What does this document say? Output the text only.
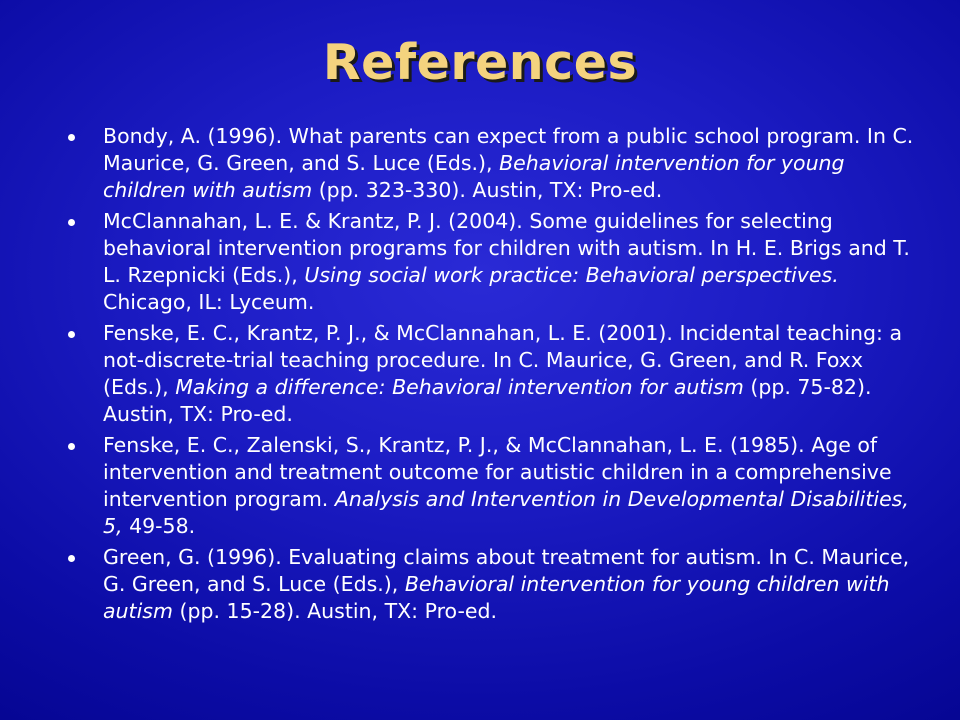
References
Bondy, A. (1996). What parents can expect from a public school program. In C. Maurice, G. Green, and S. Luce (Eds.), Behavioral intervention for young children with autism (pp. 323-330). Austin, TX: Pro-ed.
McClannahan, L. E. & Krantz, P. J. (2004). Some guidelines for selecting behavioral intervention programs for children with autism. In H. E. Brigs and T. L. Rzepnicki (Eds.), Using social work practice: Behavioral perspectives. Chicago, IL: Lyceum.
Fenske, E. C., Krantz, P. J., & McClannahan, L. E. (2001). Incidental teaching: a not-discrete-trial teaching procedure. In C. Maurice, G. Green, and R. Foxx (Eds.), Making a difference: Behavioral intervention for autism (pp. 75-82). Austin, TX: Pro-ed.
Fenske, E. C., Zalenski, S., Krantz, P. J., & McClannahan, L. E. (1985). Age of intervention and treatment outcome for autistic children in a comprehensive intervention program. Analysis and Intervention in Developmental Disabilities, 5, 49-58.
Green, G. (1996). Evaluating claims about treatment for autism. In C. Maurice, G. Green, and S. Luce (Eds.), Behavioral intervention for young children with autism (pp. 15-28). Austin, TX: Pro-ed.
